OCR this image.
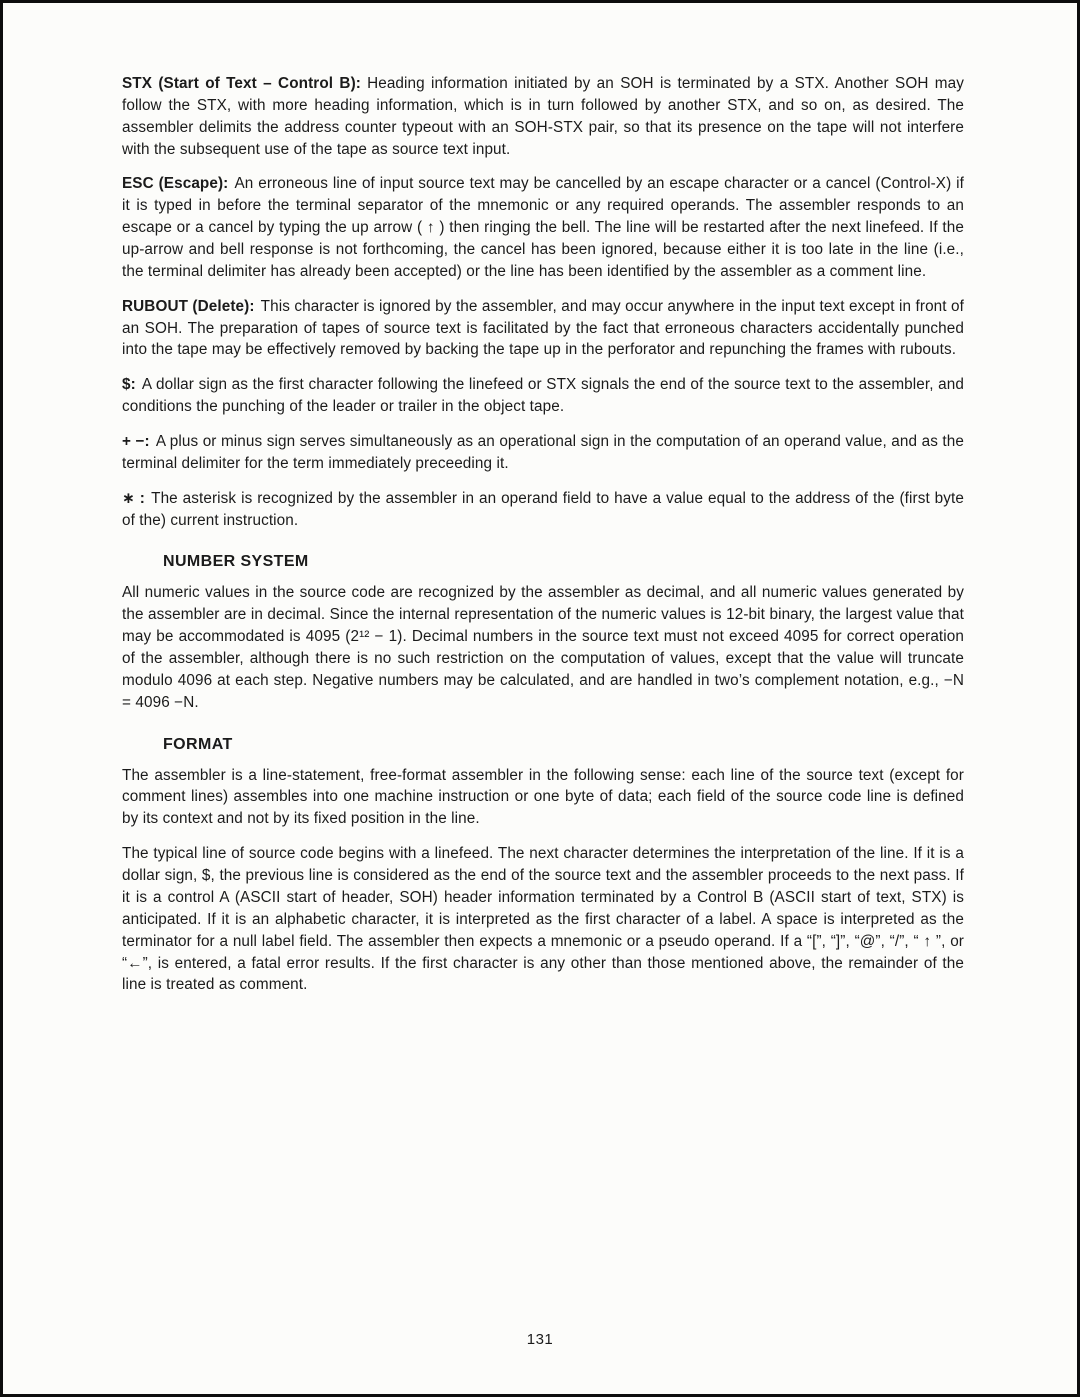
STX (Start of Text – Control B): Heading information initiated by an SOH is terminated by a STX. Another SOH may follow the STX, with more heading information, which is in turn followed by another STX, and so on, as desired. The assembler delimits the address counter typeout with an SOH-STX pair, so that its presence on the tape will not interfere with the subsequent use of the tape as source text input.

ESC (Escape): An erroneous line of input source text may be cancelled by an escape character or a cancel (Control-X) if it is typed in before the terminal separator of the mnemonic or any required operands. The assembler responds to an escape or a cancel by typing the up arrow ( ↑ ) then ringing the bell. The line will be restarted after the next linefeed. If the up-arrow and bell response is not forthcoming, the cancel has been ignored, because either it is too late in the line (i.e., the terminal delimiter has already been accepted) or the line has been identified by the assembler as a comment line.

RUBOUT (Delete): This character is ignored by the assembler, and may occur anywhere in the input text except in front of an SOH. The preparation of tapes of source text is facilitated by the fact that erroneous characters accidentally punched into the tape may be effectively removed by backing the tape up in the perforator and repunching the frames with rubouts.

$: A dollar sign as the first character following the linefeed or STX signals the end of the source text to the assembler, and conditions the punching of the leader or trailer in the object tape.

+ −: A plus or minus sign serves simultaneously as an operational sign in the computation of an operand value, and as the terminal delimiter for the term immediately preceeding it.

∗ : The asterisk is recognized by the assembler in an operand field to have a value equal to the address of the (first byte of the) current instruction.

NUMBER SYSTEM

All numeric values in the source code are recognized by the assembler as decimal, and all numeric values generated by the assembler are in decimal. Since the internal representation of the numeric values is 12-bit binary, the largest value that may be accommodated is 4095 (2¹² − 1). Decimal numbers in the source text must not exceed 4095 for correct operation of the assembler, although there is no such restriction on the computation of values, except that the value will truncate modulo 4096 at each step. Negative numbers may be calculated, and are handled in two’s complement notation, e.g., −N = 4096 −N.

FORMAT

The assembler is a line-statement, free-format assembler in the following sense: each line of the source text (except for comment lines) assembles into one machine instruction or one byte of data; each field of the source code line is defined by its context and not by its fixed position in the line.

The typical line of source code begins with a linefeed. The next character determines the interpretation of the line. If it is a dollar sign, $, the previous line is considered as the end of the source text and the assembler proceeds to the next pass. If it is a control A (ASCII start of header, SOH) header information terminated by a Control B (ASCII start of text, STX) is anticipated. If it is an alphabetic character, it is interpreted as the first character of a label. A space is interpreted as the terminator for a null label field. The assembler then expects a mnemonic or a pseudo operand. If a “[”, “]”, “@”, “/”, “ ↑ ”, or “←”, is entered, a fatal error results. If the first character is any other than those mentioned above, the remainder of the line is treated as comment.

131
